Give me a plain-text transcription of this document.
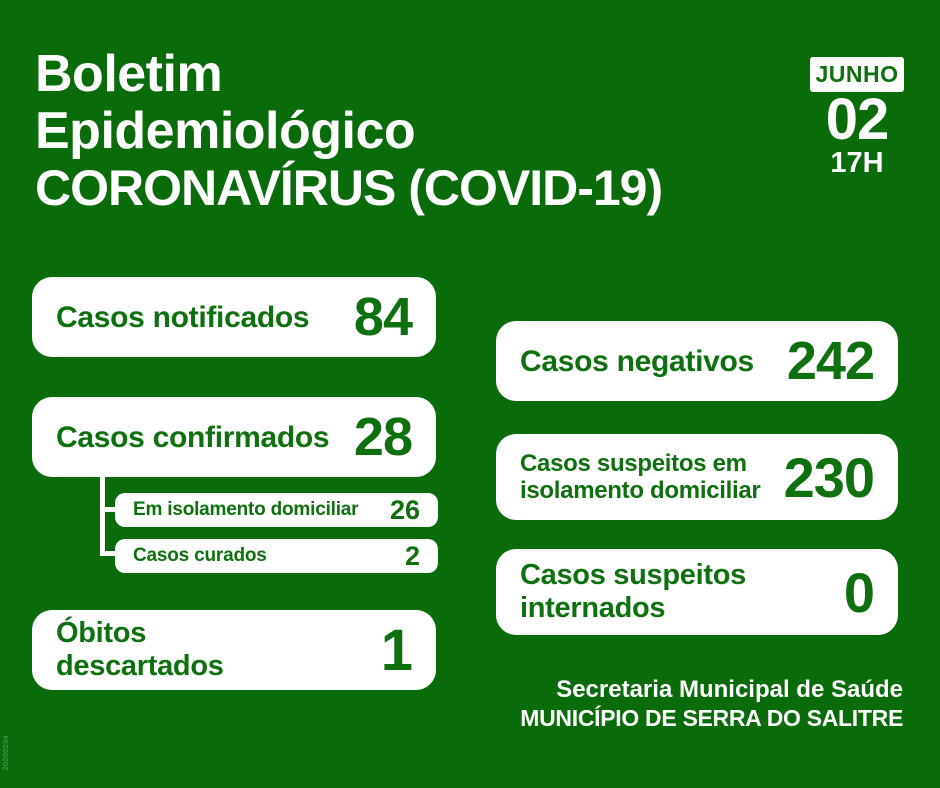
20200294
Boletim
Epidemiológico
CORONAVÍRUS (COVID-19)
JUNHO
02
17H
Casos notificados 84
Casos confirmados 28
Em isolamento domiciliar 26
Casos curados	2
Óbitos
descartados	1
Casos negativos 242
Casos suspeitos em
isolamento domiciliar 230
Casos suspeitos
internados	0
Secretaria Municipal de Saúde
MUNICÍPIO DE SERRA DO SALITRE
